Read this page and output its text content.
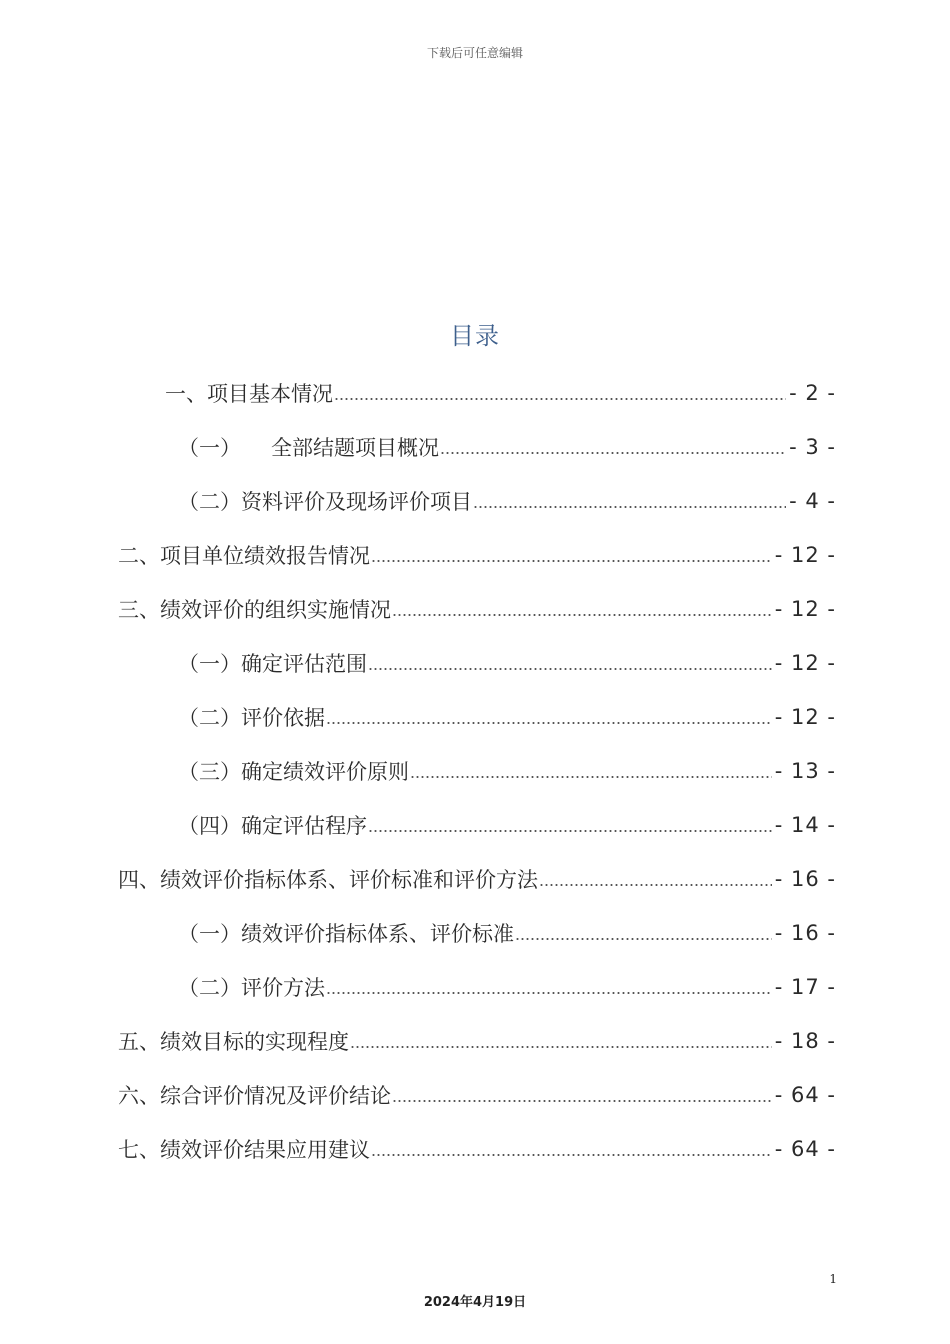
下载后可任意编辑
目录
一、项目基本情况	- 2 -
（一） 全部结题项目概况	- 3 -
（二）资料评价及现场评价项目	- 4 -
二、项目单位绩效报告情况	- 12 -
三、绩效评价的组织实施情况	- 12 -
（一）确定评估范围	- 12 -
（二）评价依据	- 12 -
（三）确定绩效评价原则	- 13 -
（四）确定评估程序	- 14 -
四、绩效评价指标体系、评价标准和评价方法	- 16 -
（一）绩效评价指标体系、评价标准	- 16 -
（二）评价方法	- 17 -
五、绩效目标的实现程度	- 18 -
六、综合评价情况及评价结论	- 64 -
七、绩效评价结果应用建议	- 64 -
1
2024年4月19日
